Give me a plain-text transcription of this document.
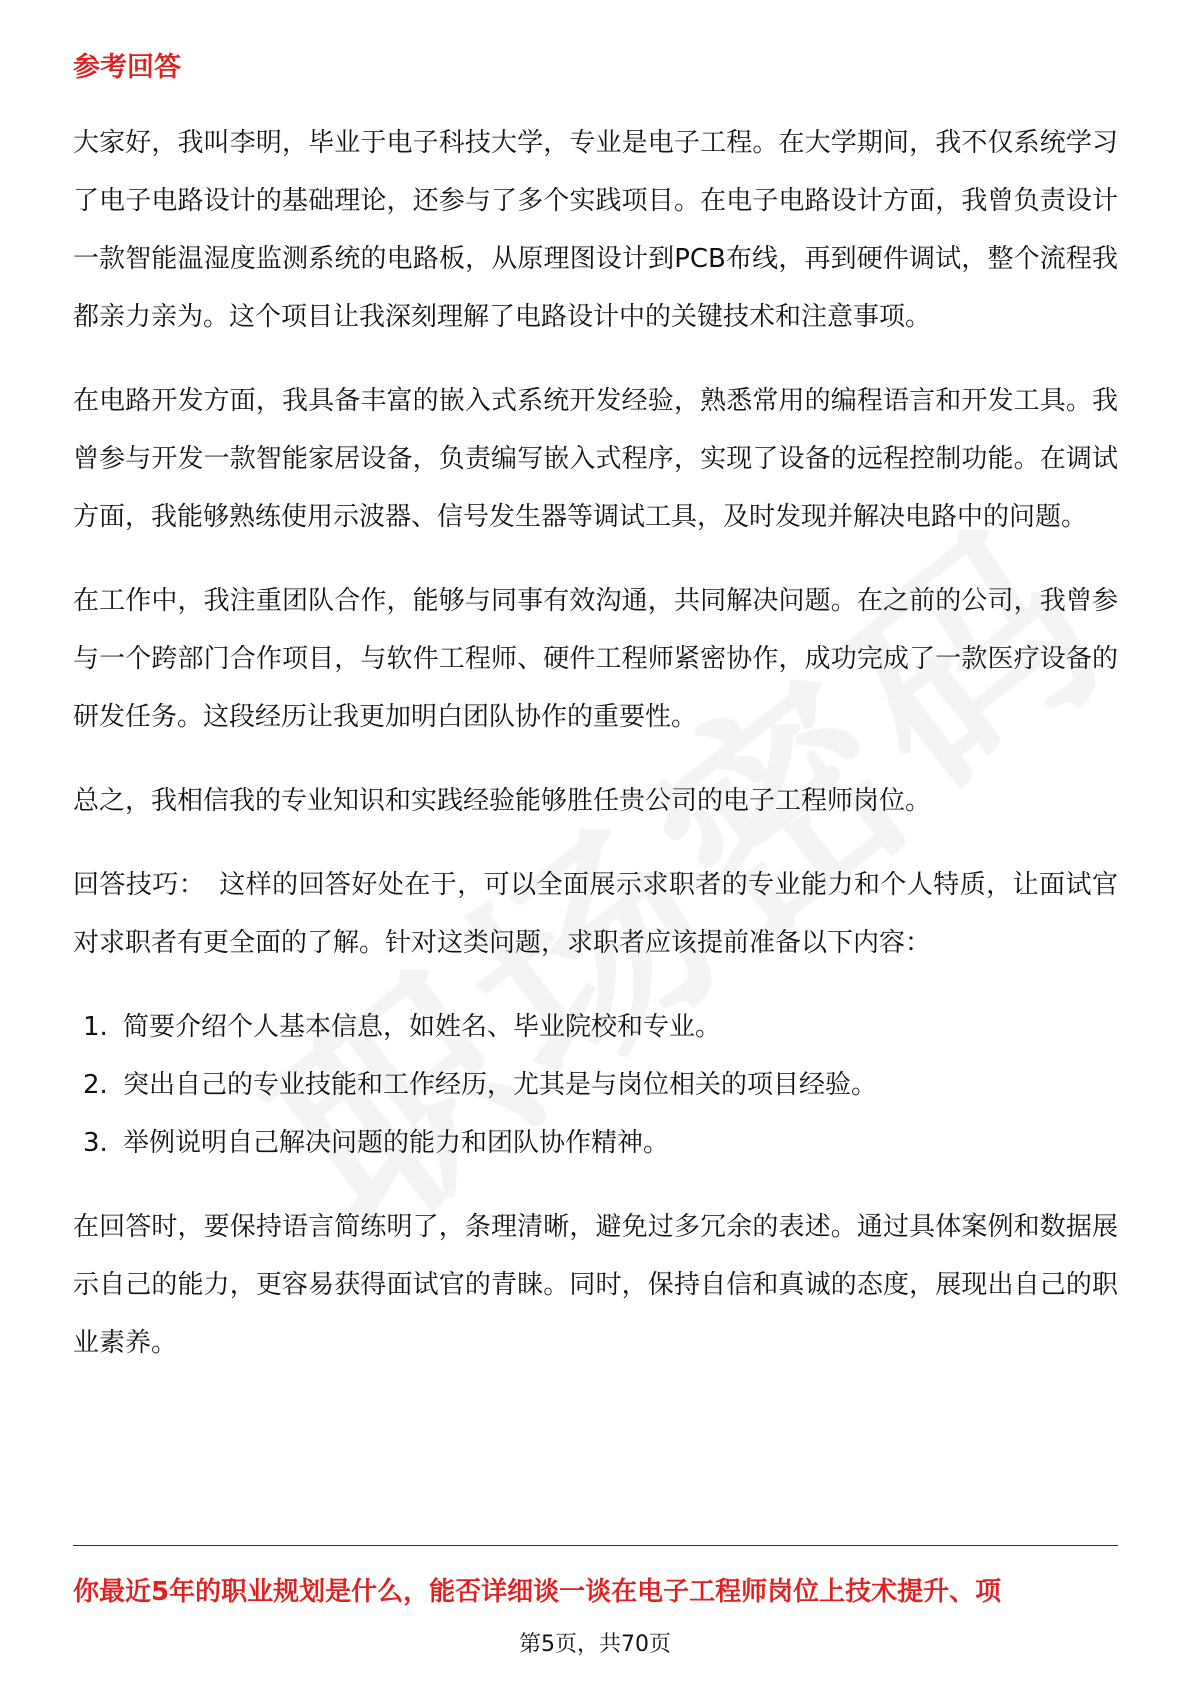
参考回答

大家好，我叫李明，毕业于电子科技大学，专业是电子工程。在大学期间，我不仅系统学习了电子电路设计的基础理论，还参与了多个实践项目。在电子电路设计方面，我曾负责设计一款智能温湿度监测系统的电路板，从原理图设计到PCB布线，再到硬件调试，整个流程我都亲力亲为。这个项目让我深刻理解了电路设计中的关键技术和注意事项。

在电路开发方面，我具备丰富的嵌入式系统开发经验，熟悉常用的编程语言和开发工具。我曾参与开发一款智能家居设备，负责编写嵌入式程序，实现了设备的远程控制功能。在调试方面，我能够熟练使用示波器、信号发生器等调试工具，及时发现并解决电路中的问题。

在工作中，我注重团队合作，能够与同事有效沟通，共同解决问题。在之前的公司，我曾参与一个跨部门合作项目，与软件工程师、硬件工程师紧密协作，成功完成了一款医疗设备的研发任务。这段经历让我更加明白团队协作的重要性。

总之，我相信我的专业知识和实践经验能够胜任贵公司的电子工程师岗位。

回答技巧： 这样的回答好处在于，可以全面展示求职者的专业能力和个人特质，让面试官对求职者有更全面的了解。针对这类问题，求职者应该提前准备以下内容：

1. 简要介绍个人基本信息，如姓名、毕业院校和专业。
2. 突出自己的专业技能和工作经历，尤其是与岗位相关的项目经验。
3. 举例说明自己解决问题的能力和团队协作精神。

在回答时，要保持语言简练明了，条理清晰，避免过多冗余的表述。通过具体案例和数据展示自己的能力，更容易获得面试官的青睐。同时，保持自信和真诚的态度，展现出自己的职业素养。

你最近5年的职业规划是什么，能否详细谈一谈在电子工程师岗位上技术提升、项
第5页，共70页
